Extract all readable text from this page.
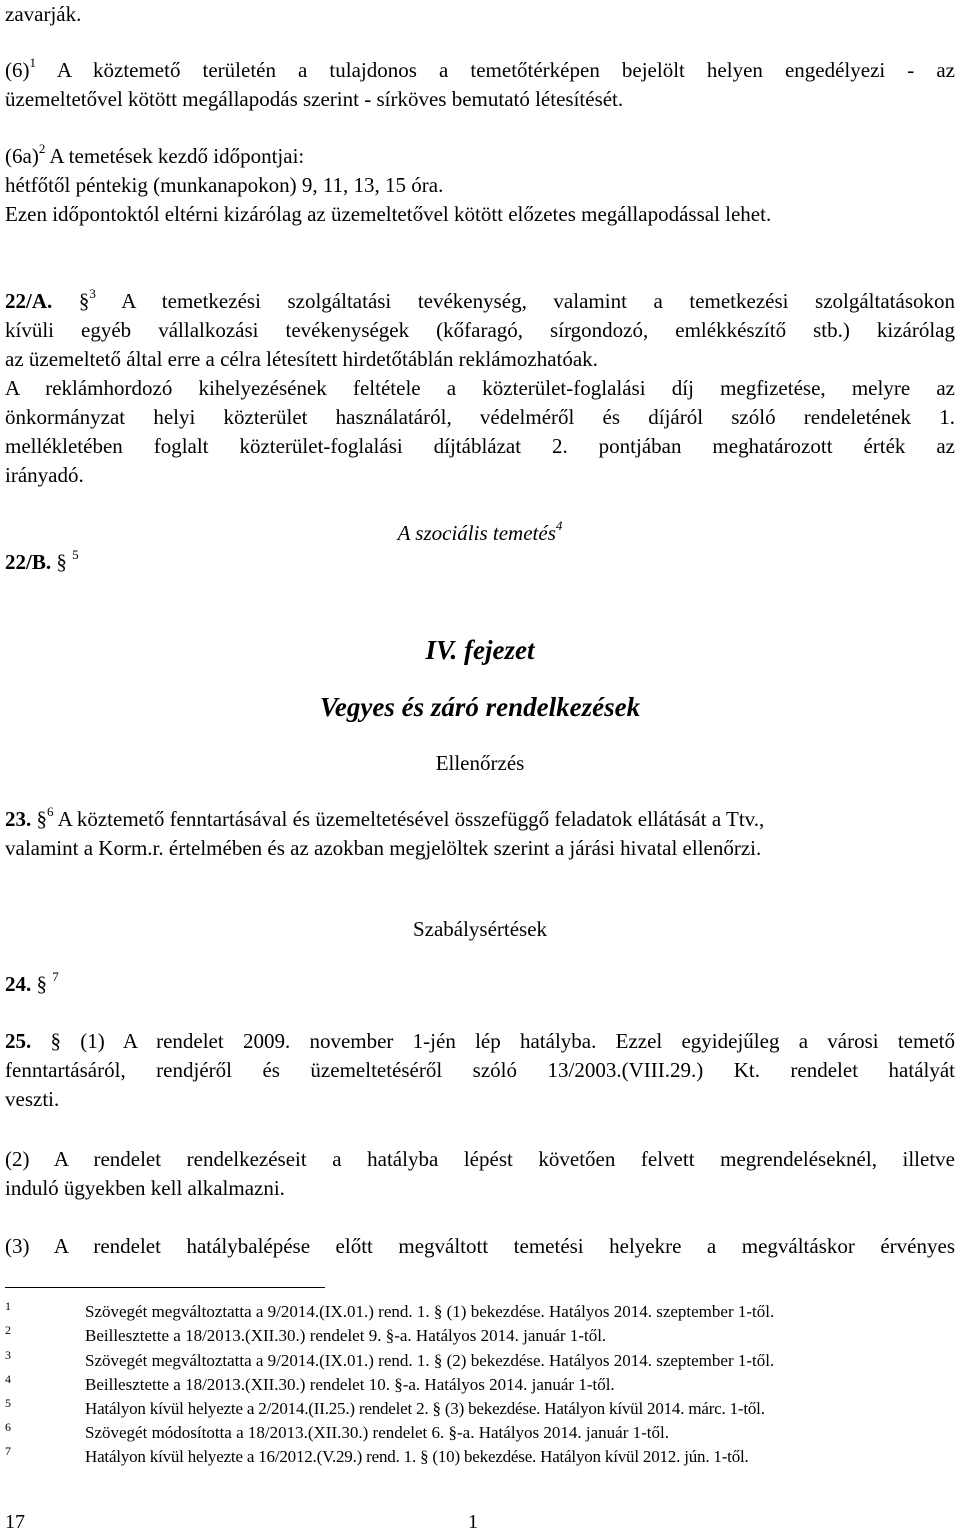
zavarják.

$(6)^1$ A köztemető területén a tulajdonos a temetőtérképen bejelölt helyen engedélyezi - az

üzemeltetővel kötött megállapodás szerint - sírköves bemutató létesítését.

$(6a)^2$ A temetések kezdő időpontjai:

hétfőtől péntekig (munkanapokon) 9, 11, 13, 15 óra.

Ezen időpontoktól eltérni kizárólag az üzemeltetővel kötött előzetes megállapodással lehet.

22/A. §$^3$ A temetkezési szolgáltatási tevékenység, valamint a temetkezési szolgáltatásokon

kívüli egyéb vállalkozási tevékenységek (kőfaragó, sírgondozó, emlékkészítő stb.) kizárólag

az üzemeltető által erre a célra létesített hirdetőtáblán reklámozhatóak.

A reklámhordozó kihelyezésének feltétele a közterület-foglalási díj megfizetése, melyre az

önkormányzat helyi közterület használatáról, védelméről és díjáról szóló rendeletének 1.

mellékletében foglalt közterület-foglalási díjtáblázat 2. pontjában meghatározott érték az

irányadó.

A szociális temetés$^4$

22/B. § $^5$

IV. fejezet

Vegyes és záró rendelkezések

Ellenőrzés

23. §$^6$ A köztemető fenntartásával és üzemeltetésével összefüggő feladatok ellátását a Ttv.,

valamint a Korm.r. értelmében és az azokban megjelöltek szerint a járási hivatal ellenőrzi.

Szabálysértések

24. § $^7$

25. § (1) A rendelet 2009. november 1-jén lép hatályba. Ezzel egyidejűleg a városi temető

fenntartásáról, rendjéről és üzemeltetéséről szóló 13/2003.(VIII.29.) Kt. rendelet hatályát

veszti.

(2) A rendelet rendelkezéseit a hatályba lépést követően felvett megrendeléseknél, illetve

induló ügyekben kell alkalmazni.

(3) A rendelet hatálybalépése előtt megváltott temetési helyekre a megváltáskor érvényes

1	Szövegét megváltoztatta a 9/2014.(IX.01.) rend. 1. § (1) bekezdése. Hatályos 2014. szeptember 1-től.
2	Beillesztette a 18/2013.(XII.30.) rendelet 9. §-a. Hatályos 2014. január 1-től.
3	Szövegét megváltoztatta a 9/2014.(IX.01.) rend. 1. § (2) bekezdése. Hatályos 2014. szeptember 1-től.
4	Beillesztette a 18/2013.(XII.30.) rendelet 10. §-a. Hatályos 2014. január 1-től.
5	Hatályon kívül helyezte a 2/2014.(II.25.) rendelet 2. § (3) bekezdése. Hatályon kívül 2014. márc. 1-től.
6	Szövegét módosította a 18/2013.(XII.30.) rendelet 6. §-a. Hatályos 2014. január 1-től.
7	Hatályon kívül helyezte a 16/2012.(V.29.) rend. 1. § (10) bekezdése. Hatályon kívül 2012. jún. 1-től.
17	1
